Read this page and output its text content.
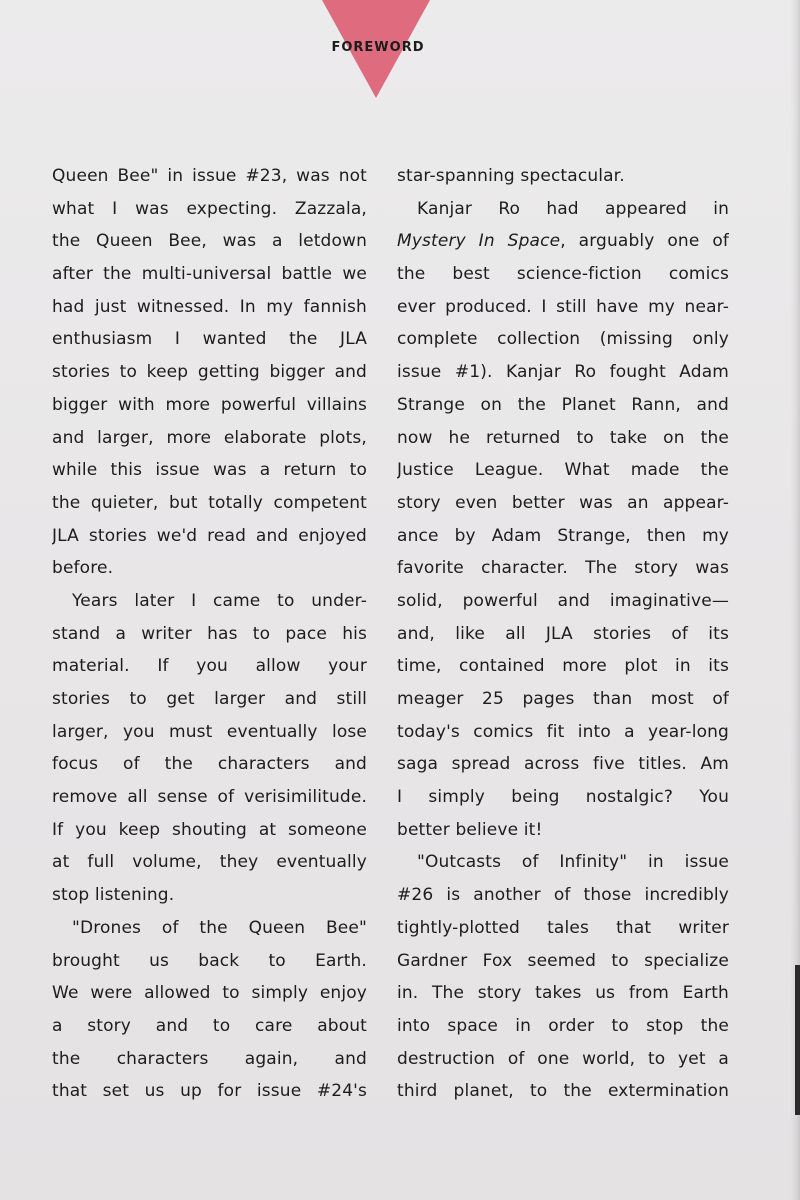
FOREWORD
Queen Bee" in issue #23, was not
what I was expecting. Zazzala,
the Queen Bee, was a letdown
after the multi-universal battle we
had just witnessed. In my fannish
enthusiasm I wanted the JLA
stories to keep getting bigger and
bigger with more powerful villains
and larger, more elaborate plots,
while this issue was a return to
the quieter, but totally competent
JLA stories we'd read and enjoyed
before.
Years later I came to under-
stand a writer has to pace his
material. If you allow your
stories to get larger and still
larger, you must eventually lose
focus of the characters and
remove all sense of verisimilitude.
If you keep shouting at someone
at full volume, they eventually
stop listening.
"Drones of the Queen Bee"
brought us back to Earth.
We were allowed to simply enjoy
a story and to care about
the characters again, and
that set us up for issue #24's
star-spanning spectacular.
Kanjar Ro had appeared in
Mystery In Space, arguably one of
the best science-fiction comics
ever produced. I still have my near-
complete collection (missing only
issue #1). Kanjar Ro fought Adam
Strange on the Planet Rann, and
now he returned to take on the
Justice League. What made the
story even better was an appear-
ance by Adam Strange, then my
favorite character. The story was
solid, powerful and imaginative—
and, like all JLA stories of its
time, contained more plot in its
meager 25 pages than most of
today's comics fit into a year-long
saga spread across five titles. Am
I simply being nostalgic? You
better believe it!
"Outcasts of Infinity" in issue
#26 is another of those incredibly
tightly-plotted tales that writer
Gardner Fox seemed to specialize
in. The story takes us from Earth
into space in order to stop the
destruction of one world, to yet a
third planet, to the extermination
